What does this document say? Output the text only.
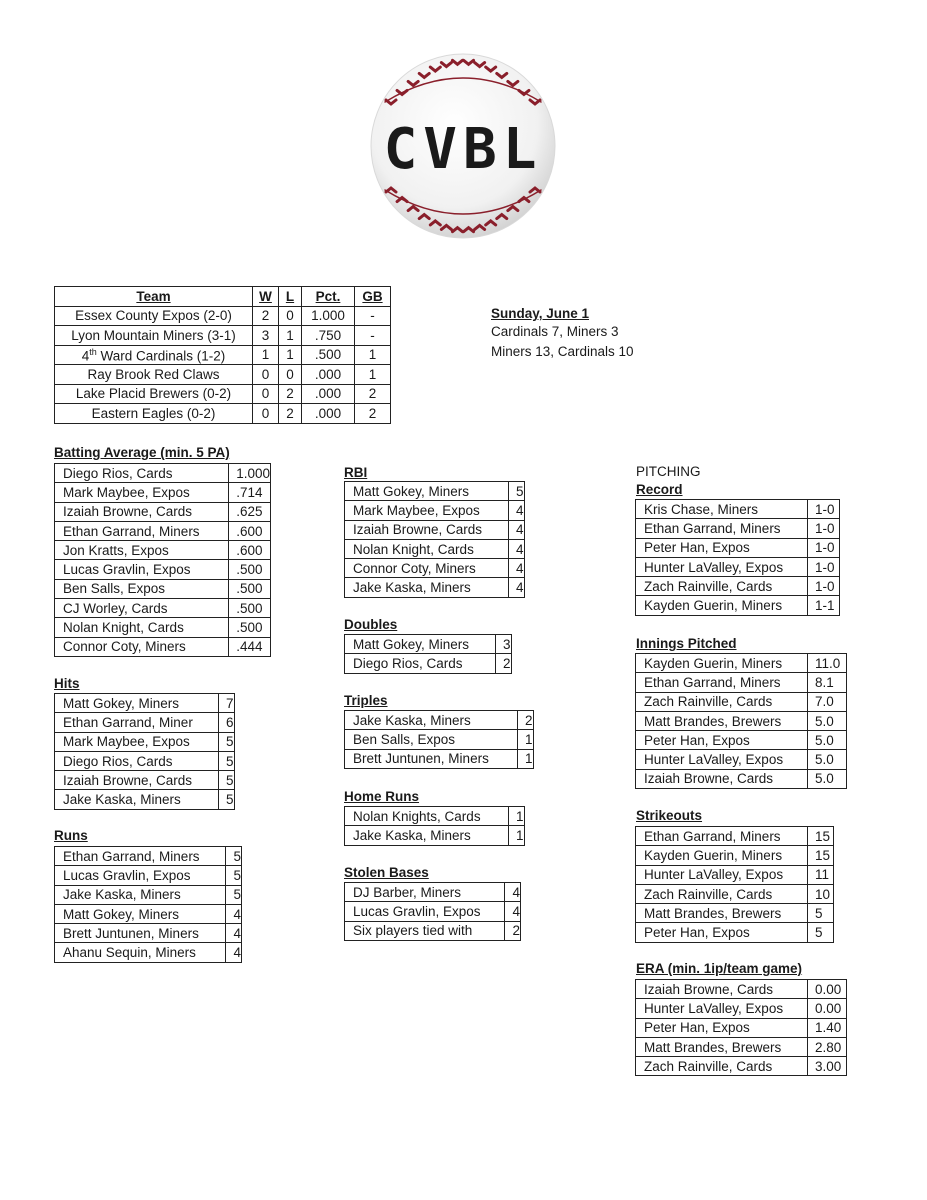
CVBL
Team	W	L	Pct.	GB
Essex County Expos (2-0)	2	0	1.000	-
Lyon Mountain Miners (3-1)	3	1	.750	-
4th Ward Cardinals (1-2)	1	1	.500	1
Ray Brook Red Claws	0	0	.000	1
Lake Placid Brewers (0-2)	0	2	.000	2
Eastern Eagles (0-2)	0	2	.000	2
Sunday, June 1
Cardinals 7, Miners 3
Miners 13, Cardinals 10
Batting Average (min. 5 PA)
Hits
Runs
RBI
Doubles
Triples
Home Runs
Stolen Bases
PITCHING
Record
Innings Pitched
Strikeouts
ERA (min. 1ip/team game)
Diego Rios, Cards	1.000
Mark Maybee, Expos	.714
Izaiah Browne, Cards	.625
Ethan Garrand, Miners	.600
Jon Kratts, Expos	.600
Lucas Gravlin, Expos	.500
Ben Salls, Expos	.500
CJ Worley, Cards	.500
Nolan Knight, Cards	.500
Connor Coty, Miners	.444
Matt Gokey, Miners	7
Ethan Garrand, Miner	6
Mark Maybee, Expos	5
Diego Rios, Cards	5
Izaiah Browne, Cards	5
Jake Kaska, Miners	5
Ethan Garrand, Miners	5
Lucas Gravlin, Expos	5
Jake Kaska, Miners	5
Matt Gokey, Miners	4
Brett Juntunen, Miners	4
Ahanu Sequin, Miners	4
Matt Gokey, Miners	5
Mark Maybee, Expos	4
Izaiah Browne, Cards	4
Nolan Knight, Cards	4
Connor Coty, Miners	4
Jake Kaska, Miners	4
Matt Gokey, Miners	3
Diego Rios, Cards	2
Jake Kaska, Miners	2
Ben Salls, Expos	1
Brett Juntunen, Miners	1
Nolan Knights, Cards	1
Jake Kaska, Miners	1
DJ Barber, Miners	4
Lucas Gravlin, Expos	4
Six players tied with	2
Kris Chase, Miners	1-0
Ethan Garrand, Miners	1-0
Peter Han, Expos	1-0
Hunter LaValley, Expos	1-0
Zach Rainville, Cards	1-0
Kayden Guerin, Miners	1-1
Kayden Guerin, Miners	11.0
Ethan Garrand, Miners	8.1
Zach Rainville, Cards	7.0
Matt Brandes, Brewers	5.0
Peter Han, Expos	5.0
Hunter LaValley, Expos	5.0
Izaiah Browne, Cards	5.0
Ethan Garrand, Miners	15
Kayden Guerin, Miners	15
Hunter LaValley, Expos	11
Zach Rainville, Cards	10
Matt Brandes, Brewers	5
Peter Han, Expos	5
Izaiah Browne, Cards	0.00
Hunter LaValley, Expos	0.00
Peter Han, Expos	1.40
Matt Brandes, Brewers	2.80
Zach Rainville, Cards	3.00
